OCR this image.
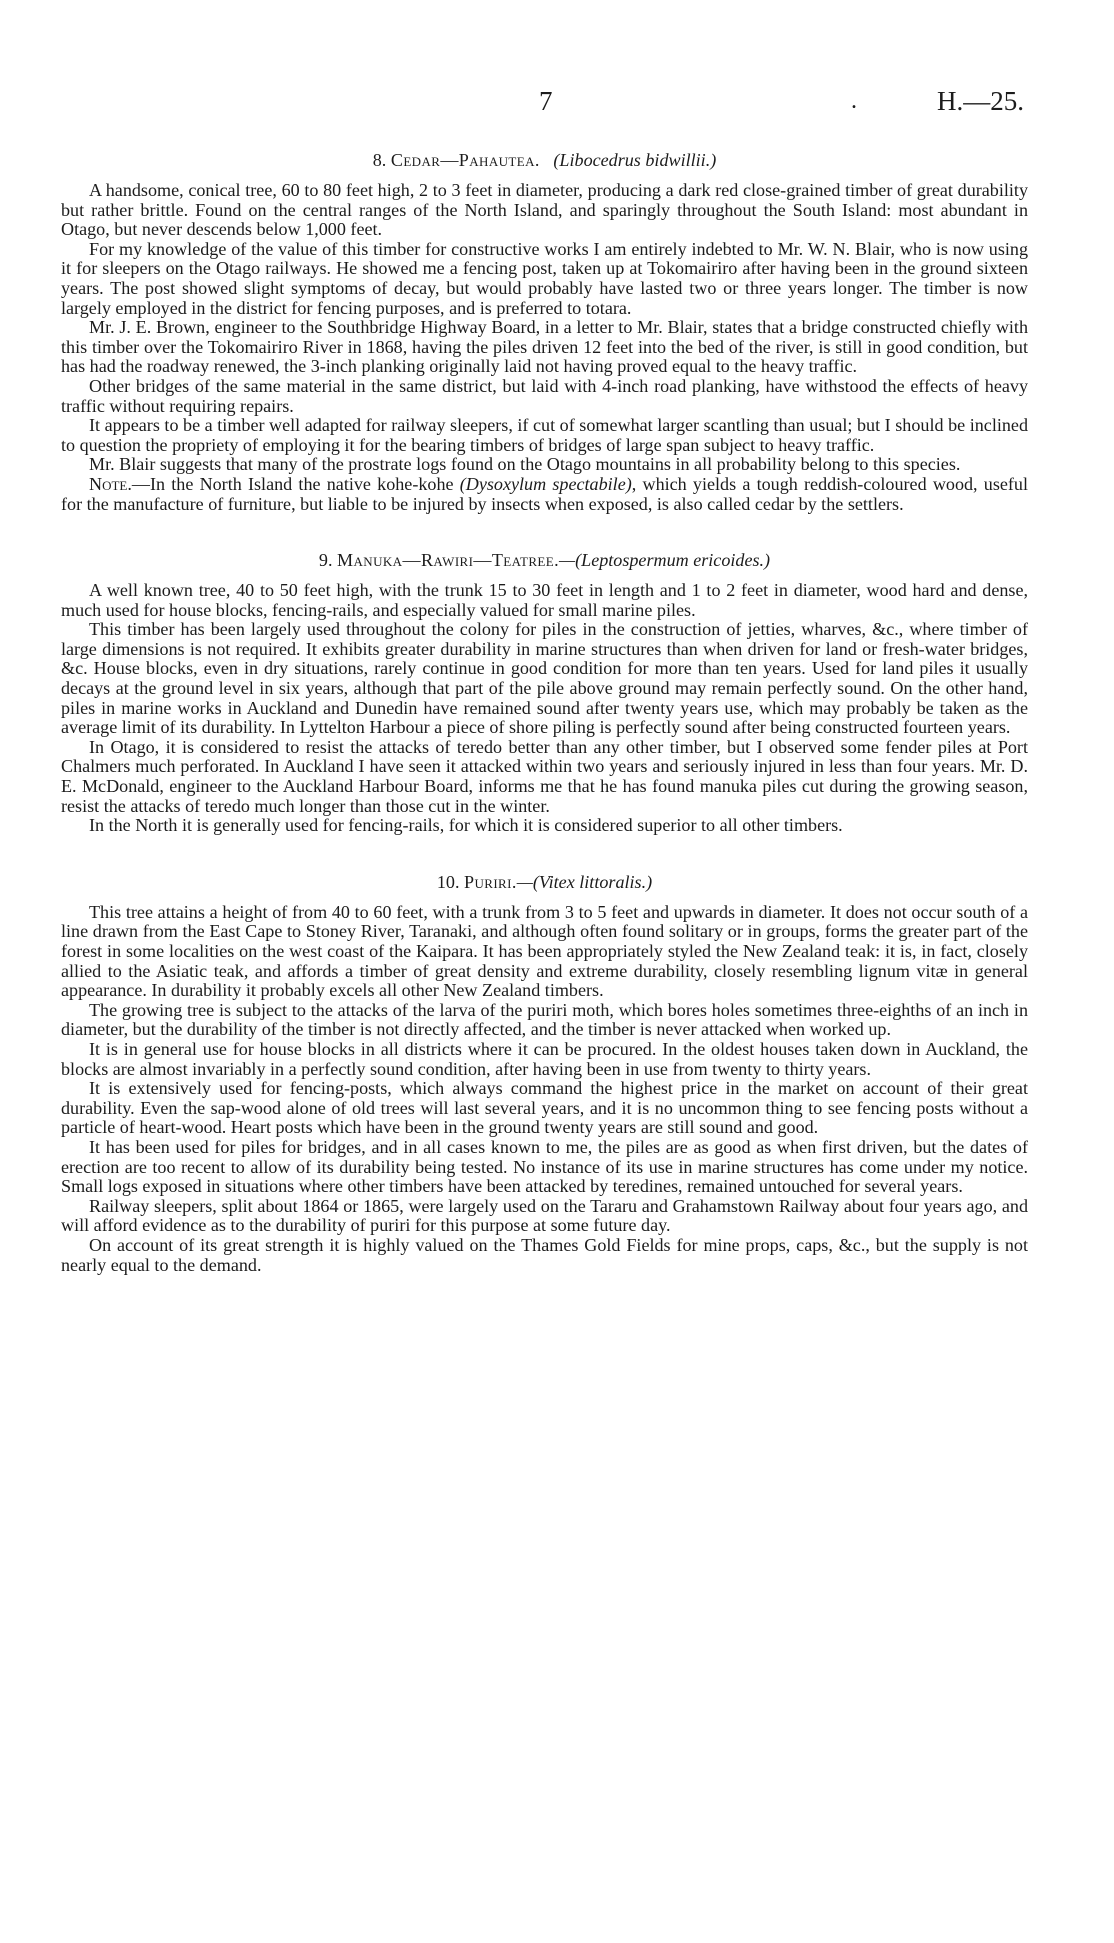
7	.	H.—25.
8. Cedar—Pahautea. (Libocedrus bidwillii.)

A handsome, conical tree, 60 to 80 feet high, 2 to 3 feet in diameter, producing a dark red close-grained timber of great durability but rather brittle. Found on the central ranges of the North Island, and sparingly throughout the South Island: most abundant in Otago, but never descends below 1,000 feet.

For my knowledge of the value of this timber for constructive works I am entirely indebted to Mr. W. N. Blair, who is now using it for sleepers on the Otago railways. He showed me a fencing post, taken up at Tokomairiro after having been in the ground sixteen years. The post showed slight symptoms of decay, but would probably have lasted two or three years longer. The timber is now largely employed in the district for fencing purposes, and is preferred to totara.

Mr. J. E. Brown, engineer to the Southbridge Highway Board, in a letter to Mr. Blair, states that a bridge constructed chiefly with this timber over the Tokomairiro River in 1868, having the piles driven 12 feet into the bed of the river, is still in good condition, but has had the roadway renewed, the 3-inch planking originally laid not having proved equal to the heavy traffic.

Other bridges of the same material in the same district, but laid with 4-inch road planking, have withstood the effects of heavy traffic without requiring repairs.

It appears to be a timber well adapted for railway sleepers, if cut of somewhat larger scantling than usual; but I should be inclined to question the propriety of employing it for the bearing timbers of bridges of large span subject to heavy traffic.

Mr. Blair suggests that many of the prostrate logs found on the Otago mountains in all probability belong to this species.

Note.—In the North Island the native kohe-kohe (Dysoxylum spectabile), which yields a tough reddish-coloured wood, useful for the manufacture of furniture, but liable to be injured by insects when exposed, is also called cedar by the settlers.

9. Manuka—Rawiri—Teatree.—(Leptospermum ericoides.)

A well known tree, 40 to 50 feet high, with the trunk 15 to 30 feet in length and 1 to 2 feet in diameter, wood hard and dense, much used for house blocks, fencing-rails, and especially valued for small marine piles.

This timber has been largely used throughout the colony for piles in the construction of jetties, wharves, &c., where timber of large dimensions is not required. It exhibits greater durability in marine structures than when driven for land or fresh-water bridges, &c. House blocks, even in dry situations, rarely continue in good condition for more than ten years. Used for land piles it usually decays at the ground level in six years, although that part of the pile above ground may remain perfectly sound. On the other hand, piles in marine works in Auckland and Dunedin have remained sound after twenty years use, which may probably be taken as the average limit of its durability. In Lyttelton Harbour a piece of shore piling is perfectly sound after being constructed fourteen years.

In Otago, it is considered to resist the attacks of teredo better than any other timber, but I observed some fender piles at Port Chalmers much perforated. In Auckland I have seen it attacked within two years and seriously injured in less than four years. Mr. D. E. McDonald, engineer to the Auckland Harbour Board, informs me that he has found manuka piles cut during the growing season, resist the attacks of teredo much longer than those cut in the winter.

In the North it is generally used for fencing-rails, for which it is considered superior to all other timbers.

10. Puriri.—(Vitex littoralis.)

This tree attains a height of from 40 to 60 feet, with a trunk from 3 to 5 feet and upwards in diameter. It does not occur south of a line drawn from the East Cape to Stoney River, Taranaki, and although often found solitary or in groups, forms the greater part of the forest in some localities on the west coast of the Kaipara. It has been appropriately styled the New Zealand teak: it is, in fact, closely allied to the Asiatic teak, and affords a timber of great density and extreme durability, closely resembling lignum vitæ in general appearance. In durability it probably excels all other New Zealand timbers.

The growing tree is subject to the attacks of the larva of the puriri moth, which bores holes sometimes three-eighths of an inch in diameter, but the durability of the timber is not directly affected, and the timber is never attacked when worked up.

It is in general use for house blocks in all districts where it can be procured. In the oldest houses taken down in Auckland, the blocks are almost invariably in a perfectly sound condition, after having been in use from twenty to thirty years.

It is extensively used for fencing-posts, which always command the highest price in the market on account of their great durability. Even the sap-wood alone of old trees will last several years, and it is no uncommon thing to see fencing posts without a particle of heart-wood. Heart posts which have been in the ground twenty years are still sound and good.

It has been used for piles for bridges, and in all cases known to me, the piles are as good as when first driven, but the dates of erection are too recent to allow of its durability being tested. No instance of its use in marine structures has come under my notice. Small logs exposed in situations where other timbers have been attacked by teredines, remained untouched for several years.

Railway sleepers, split about 1864 or 1865, were largely used on the Tararu and Grahamstown Railway about four years ago, and will afford evidence as to the durability of puriri for this purpose at some future day.

On account of its great strength it is highly valued on the Thames Gold Fields for mine props, caps, &c., but the supply is not nearly equal to the demand.
